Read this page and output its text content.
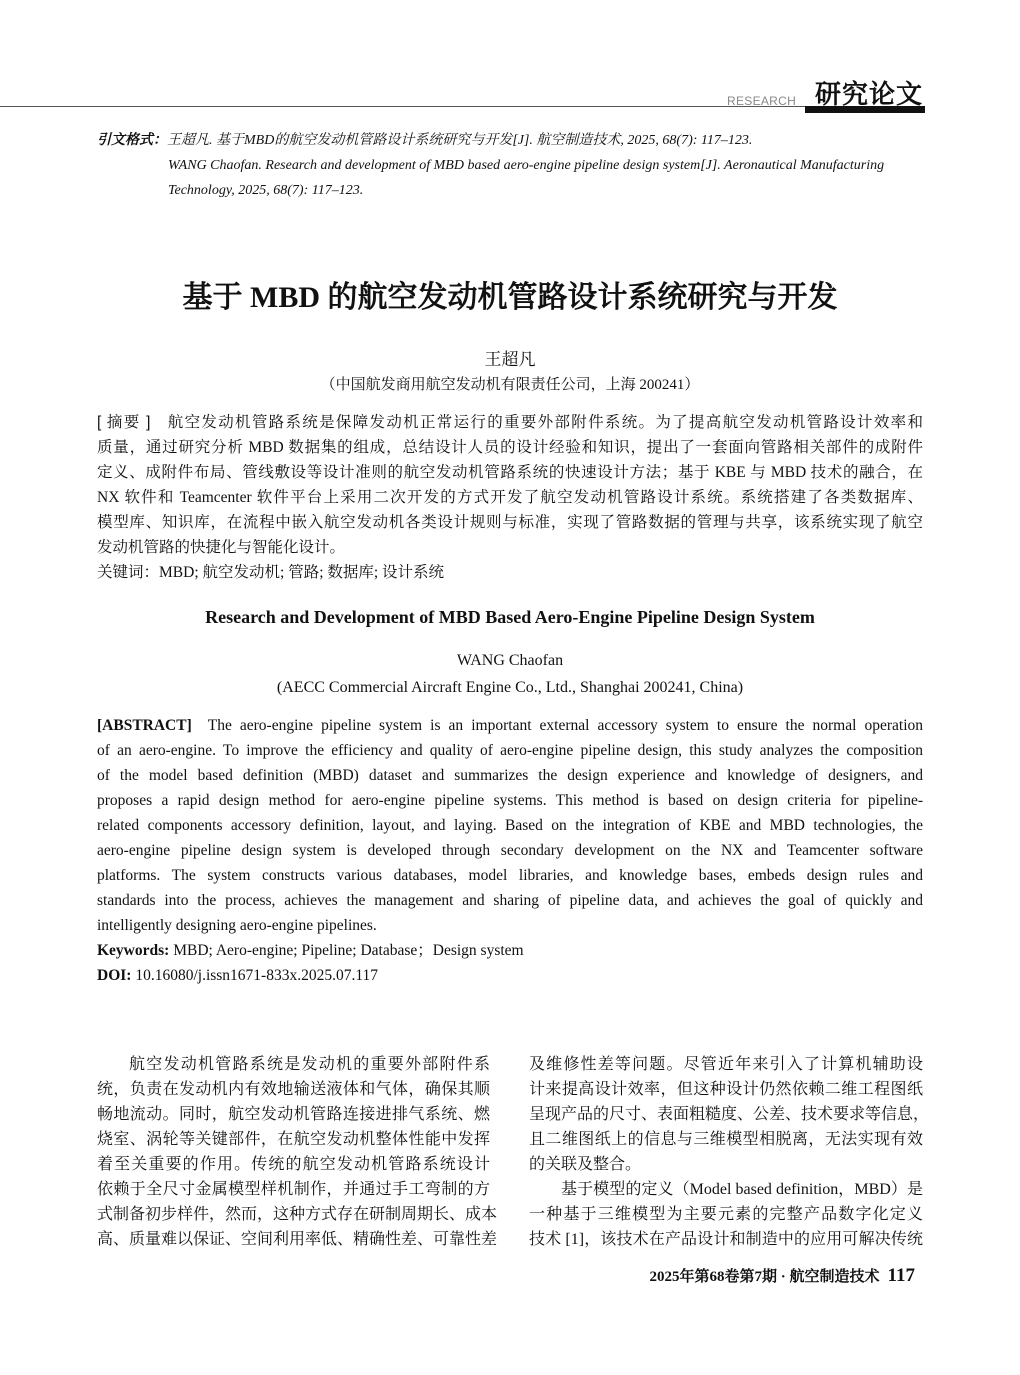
RESEARCH 研究论文
引文格式：王超凡. 基于MBD的航空发动机管路设计系统研究与开发[J]. 航空制造技术, 2025, 68(7): 117–123.
WANG Chaofan. Research and development of MBD based aero-engine pipeline design system[J]. Aeronautical Manufacturing
Technology, 2025, 68(7): 117–123.
基于 MBD 的航空发动机管路设计系统研究与开发
王超凡
（中国航发商用航空发动机有限责任公司，上海 200241）
[ 摘要 ] 航空发动机管路系统是保障发动机正常运行的重要外部附件系统。为了提高航空发动机管路设计效率和
质量，通过研究分析 MBD 数据集的组成，总结设计人员的设计经验和知识，提出了一套面向管路相关部件的成附件
定义、成附件布局、管线敷设等设计准则的航空发动机管路系统的快速设计方法；基于 KBE 与 MBD 技术的融合，在
NX 软件和 Teamcenter 软件平台上采用二次开发的方式开发了航空发动机管路设计系统。系统搭建了各类数据库、
模型库、知识库，在流程中嵌入航空发动机各类设计规则与标准，实现了管路数据的管理与共享，该系统实现了航空
发动机管路的快捷化与智能化设计。
关键词：MBD; 航空发动机; 管路; 数据库; 设计系统
Research and Development of MBD Based Aero-Engine Pipeline Design System
WANG Chaofan
(AECC Commercial Aircraft Engine Co., Ltd., Shanghai 200241, China)
[ABSTRACT] The aero-engine pipeline system is an important external accessory system to ensure the normal operation
of an aero-engine. To improve the efficiency and quality of aero-engine pipeline design, this study analyzes the composition
of the model based definition (MBD) dataset and summarizes the design experience and knowledge of designers, and
proposes a rapid design method for aero-engine pipeline systems. This method is based on design criteria for pipeline-
related components accessory definition, layout, and laying. Based on the integration of KBE and MBD technologies, the
aero-engine pipeline design system is developed through secondary development on the NX and Teamcenter software
platforms. The system constructs various databases, model libraries, and knowledge bases, embeds design rules and
standards into the process, achieves the management and sharing of pipeline data, and achieves the goal of quickly and
intelligently designing aero-engine pipelines.
Keywords: MBD; Aero-engine; Pipeline; Database；Design system
DOI: 10.16080/j.issn1671-833x.2025.07.117
航空发动机管路系统是发动机的重要外部附件系
统，负责在发动机内有效地输送液体和气体，确保其顺
畅地流动。同时，航空发动机管路连接进排气系统、燃
烧室、涡轮等关键部件，在航空发动机整体性能中发挥
着至关重要的作用。传统的航空发动机管路系统设计
依赖于全尺寸金属模型样机制作，并通过手工弯制的方
式制备初步样件，然而，这种方式存在研制周期长、成本
高、质量难以保证、空间利用率低、精确性差、可靠性差
及维修性差等问题。尽管近年来引入了计算机辅助设
计来提高设计效率，但这种设计仍然依赖二维工程图纸
呈现产品的尺寸、表面粗糙度、公差、技术要求等信息，
且二维图纸上的信息与三维模型相脱离，无法实现有效
的关联及整合。
基于模型的定义（Model based definition，MBD）是
一种基于三维模型为主要元素的完整产品数字化定义
技术 [1]，该技术在产品设计和制造中的应用可解决传统
2025年第68卷第7期 · 航空制造技术 117
